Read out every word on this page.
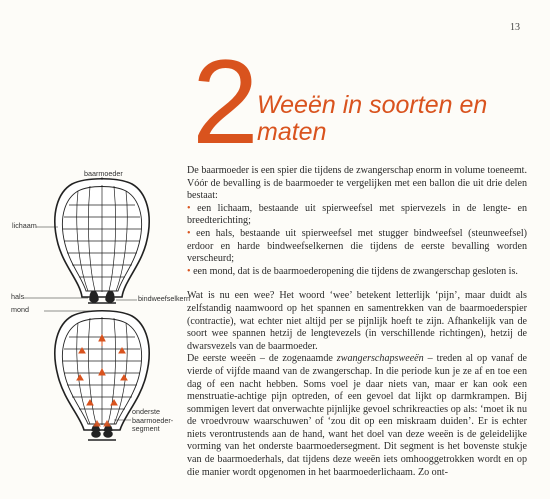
13
2
Weeën in soorten en
maten
baarmoeder
lichaam
hals	bindweefselkern
mond
onderste
baarmoeder-
segment

De baarmoeder is een spier die tijdens de zwangerschap enorm in volume toeneemt. Vóór de bevalling is de baarmoeder te vergelijken met een ballon die uit drie delen bestaat:

• een lichaam, bestaande uit spierweefsel met spiervezels in de lengte- en breedterichting;

• een hals, bestaande uit spierweefsel met stugger bindweefsel (steunweefsel) erdoor en harde bindweefselkernen die tijdens de eerste bevalling worden verscheurd;

• een mond, dat is de baarmoederopening die tijdens de zwangerschap gesloten is.

Wat is nu een wee? Het woord ‘wee’ betekent letterlijk ‘pijn’, maar duidt als zelfstandig naamwoord op het spannen en samentrekken van de baarmoederspier (contractie), wat echter niet altijd per se pijnlijk hoeft te zijn. Afhankelijk van de soort wee spannen hetzij de lengtevezels (in verschillende richtingen), hetzij de dwarsvezels van de baarmoeder.

De eerste weeën – de zogenaamde zwangerschapsweeën – treden al op vanaf de vierde of vijfde maand van de zwangerschap. In die periode kun je ze af en toe een dag of een nacht hebben. Soms voel je daar niets van, maar er kan ook een menstruatie-achtige pijn optreden, of een gevoel dat lijkt op darmkrampen. Bij sommigen levert dat onverwachte pijnlijke gevoel schrikreacties op als: ‘moet ik nu de vroedvrouw waarschuwen’ of ‘zou dit op een miskraam duiden’. Er is echter niets verontrustends aan de hand, want het doel van deze weeën is de geleidelijke vorming van het onderste baarmoedersegment. Dit segment is het bovenste stukje van de baarmoederhals, dat tijdens deze weeën iets omhooggetrokken wordt en op die manier wordt opgenomen in het baarmoederlichaam. Zo ont-
